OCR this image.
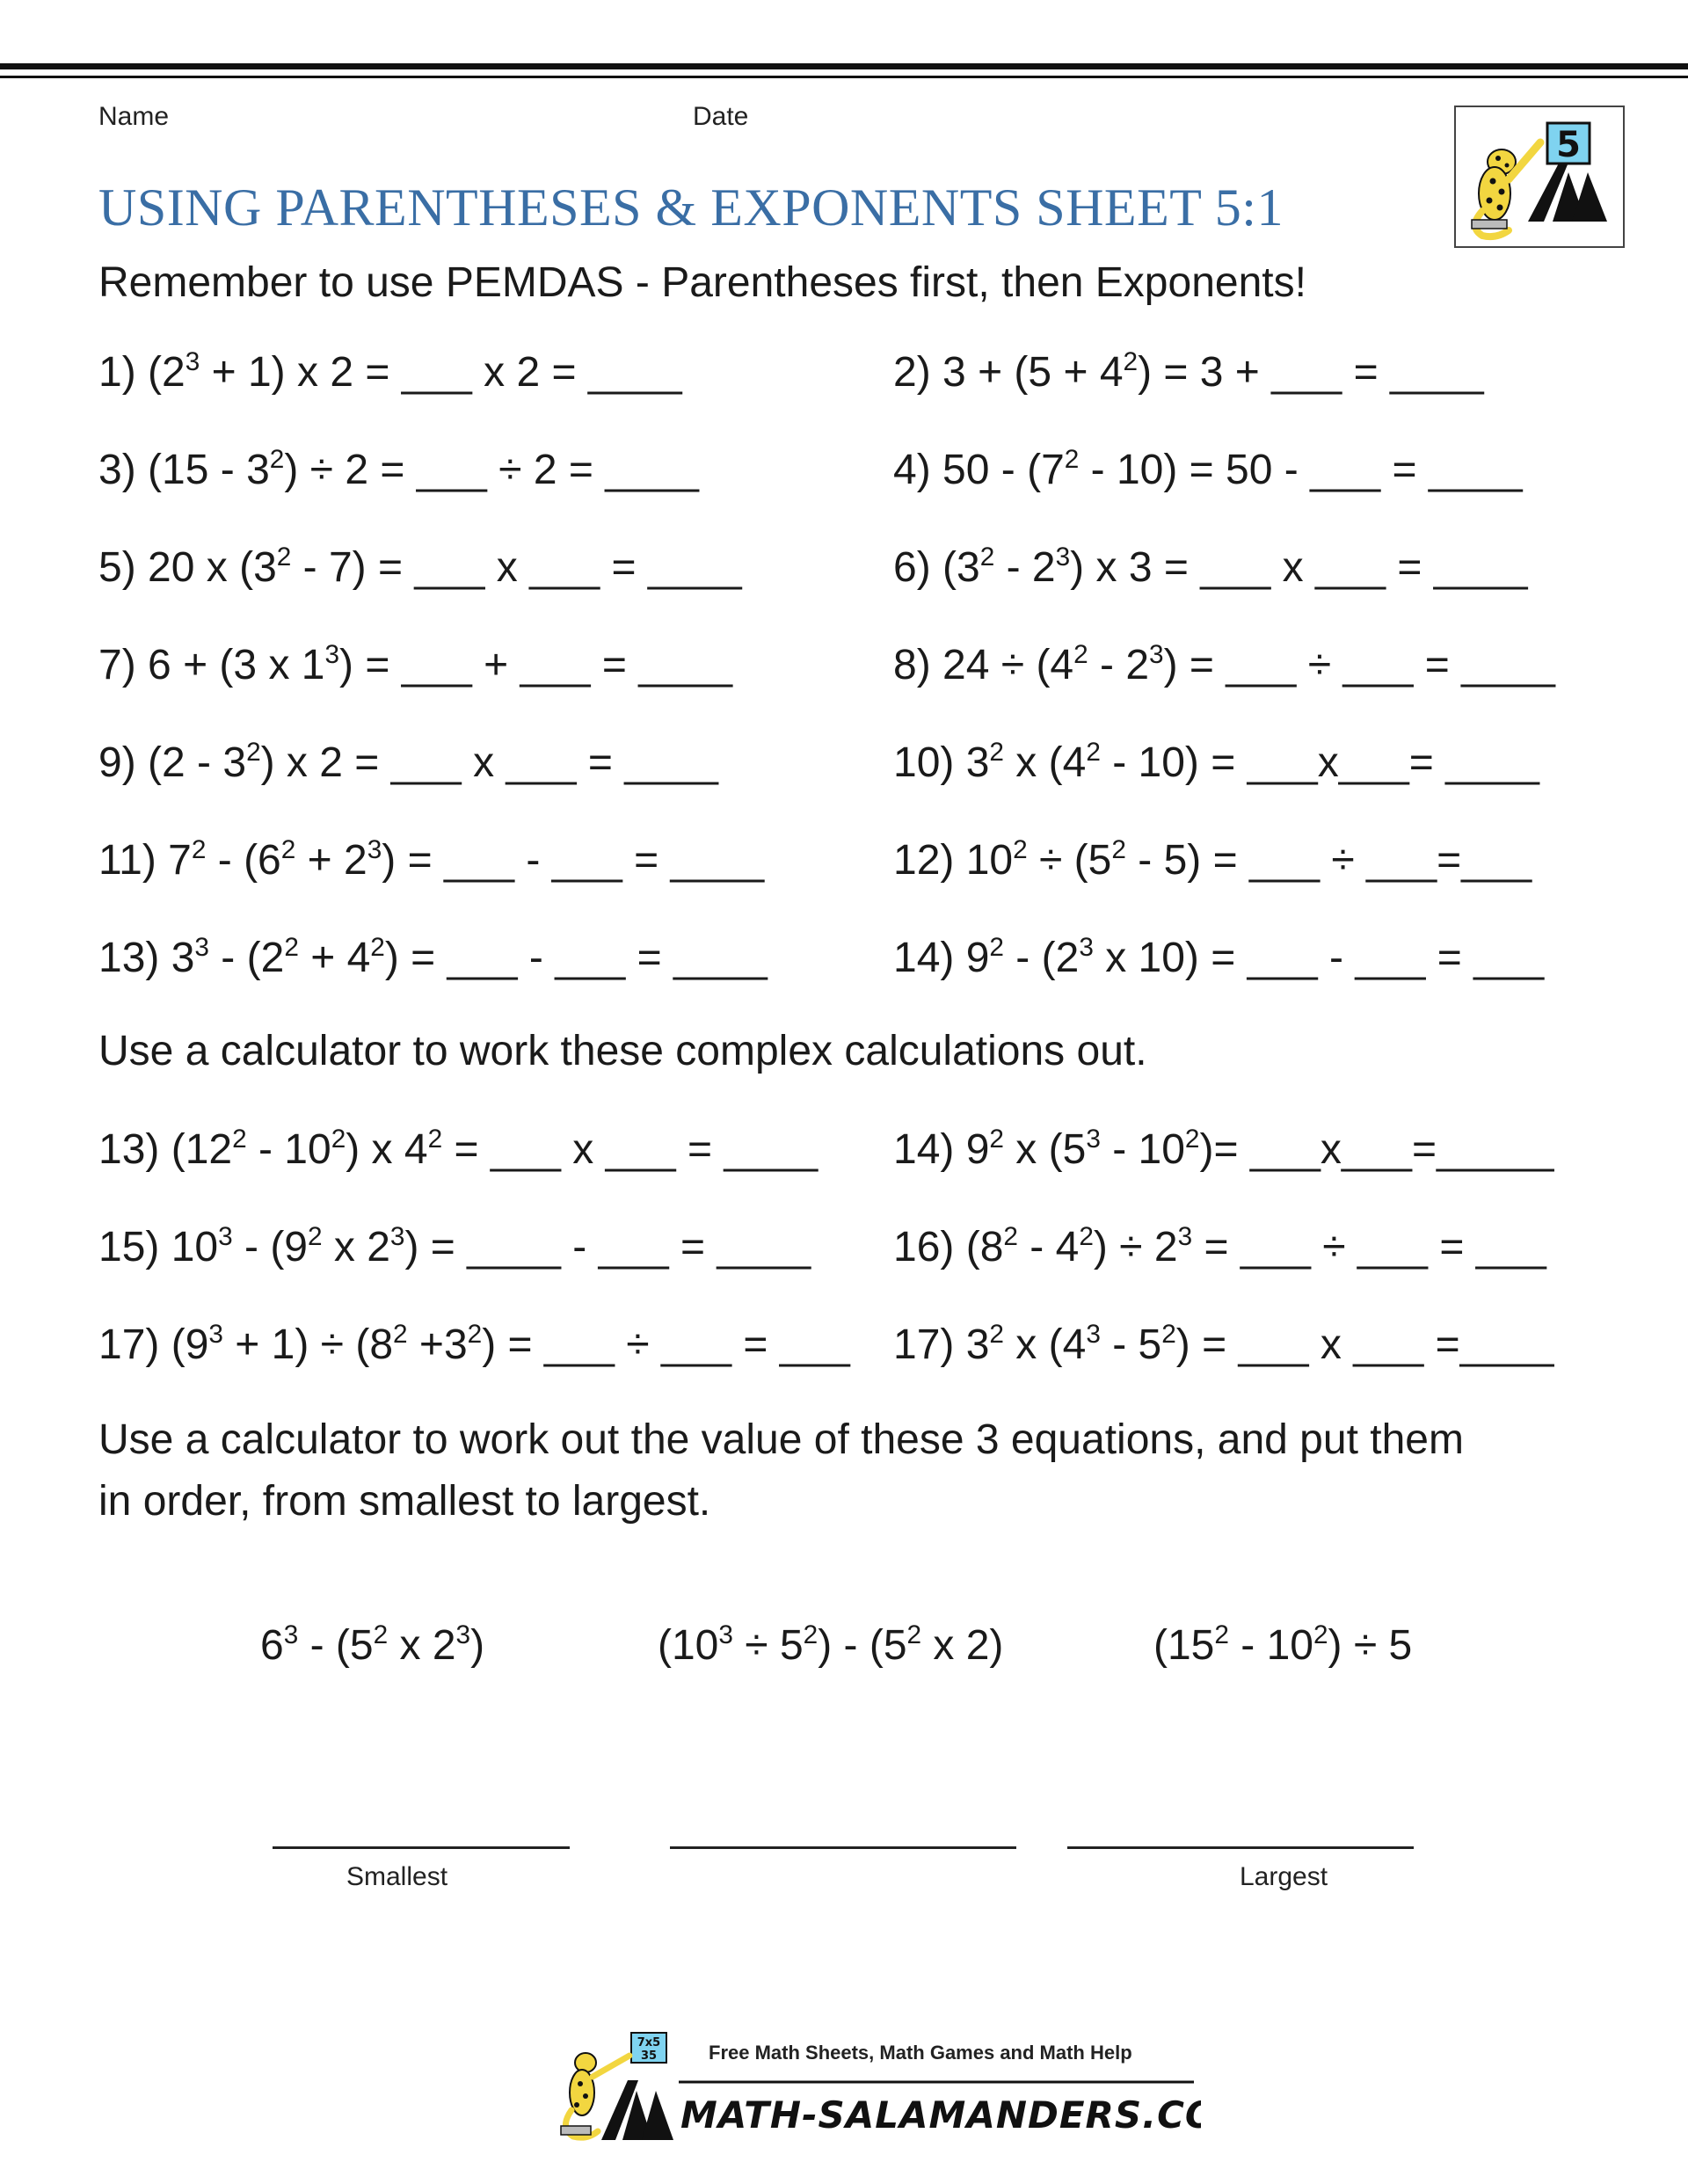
Name	Date
USING PARENTHESES & EXPONENTS SHEET 5:1
5
Remember to use PEMDAS - Parentheses first, then Exponents!
1) $(2^3 + 1)$ x 2 = ___ x 2 = ____	2) $3 + (5 + 4^2) = 3$ + ___ = ____
3) $(15 - 3^2) \div 2$ = ___ ÷ 2 = ____	4) $50 - (7^2 - 10) = 50$ - ___ = ____
5) 20 x $(3^2 - 7)$ = ___ x ___ = ____	6) $(3^2 - 2^3)$ x 3 = ___ x ___ = ____
7) 6 + (3 x $1^3$) = ___ + ___ = ____	8) $24 \div (4^2 - 2^3)$ = ___ ÷ ___ = ____
9) $(2 - 3^2)$ x 2 = ___ x ___ = ____	10) $3^2$ x $(4^2 - 10)$ = ___x___= ____
11) $7^2 - (6^2 + 2^3)$ = ___ - ___ = ____	12) $10^2 \div (5^2 - 5)$ = ___ ÷ ___=___
13) $3^3 - (2^2 + 4^2)$ = ___ - ___ = ____	14) $9^2 - (2^3$ x 10) = ___ - ___ = ___
Use a calculator to work these complex calculations out.
13) $(12^2 - 10^2)$ x $4^2$ = ___ x ___ = ____ 14) $9^2$ x $(5^3 - 10^2)=$ ___x___=_____
15) $10^3 - (9^2$ x $2^3$) = ____ - ___ = ____ 16) $(8^2 - 4^2) \div 2^3$ = ___ ÷ ___ = ___
17) $(9^3 + 1) \div (8^2 +3^2)$ = ___ ÷ ___ = ___ 17) $3^2$ x $(4^3 - 5^2)$ = ___ x ___ =____
Use a calculator to work out the value of these 3 equations, and put them
in order, from smallest to largest.
$6^3 - (5^2$ x $2^3$)	$(10^3 \div 5^2) - (5^2$ x 2)	$(15^2 - 10^2) \div 5$
Smallest	Largest
7x5
35
MATH-SALAMANDERS.COM
Free Math Sheets, Math Games and Math Help
